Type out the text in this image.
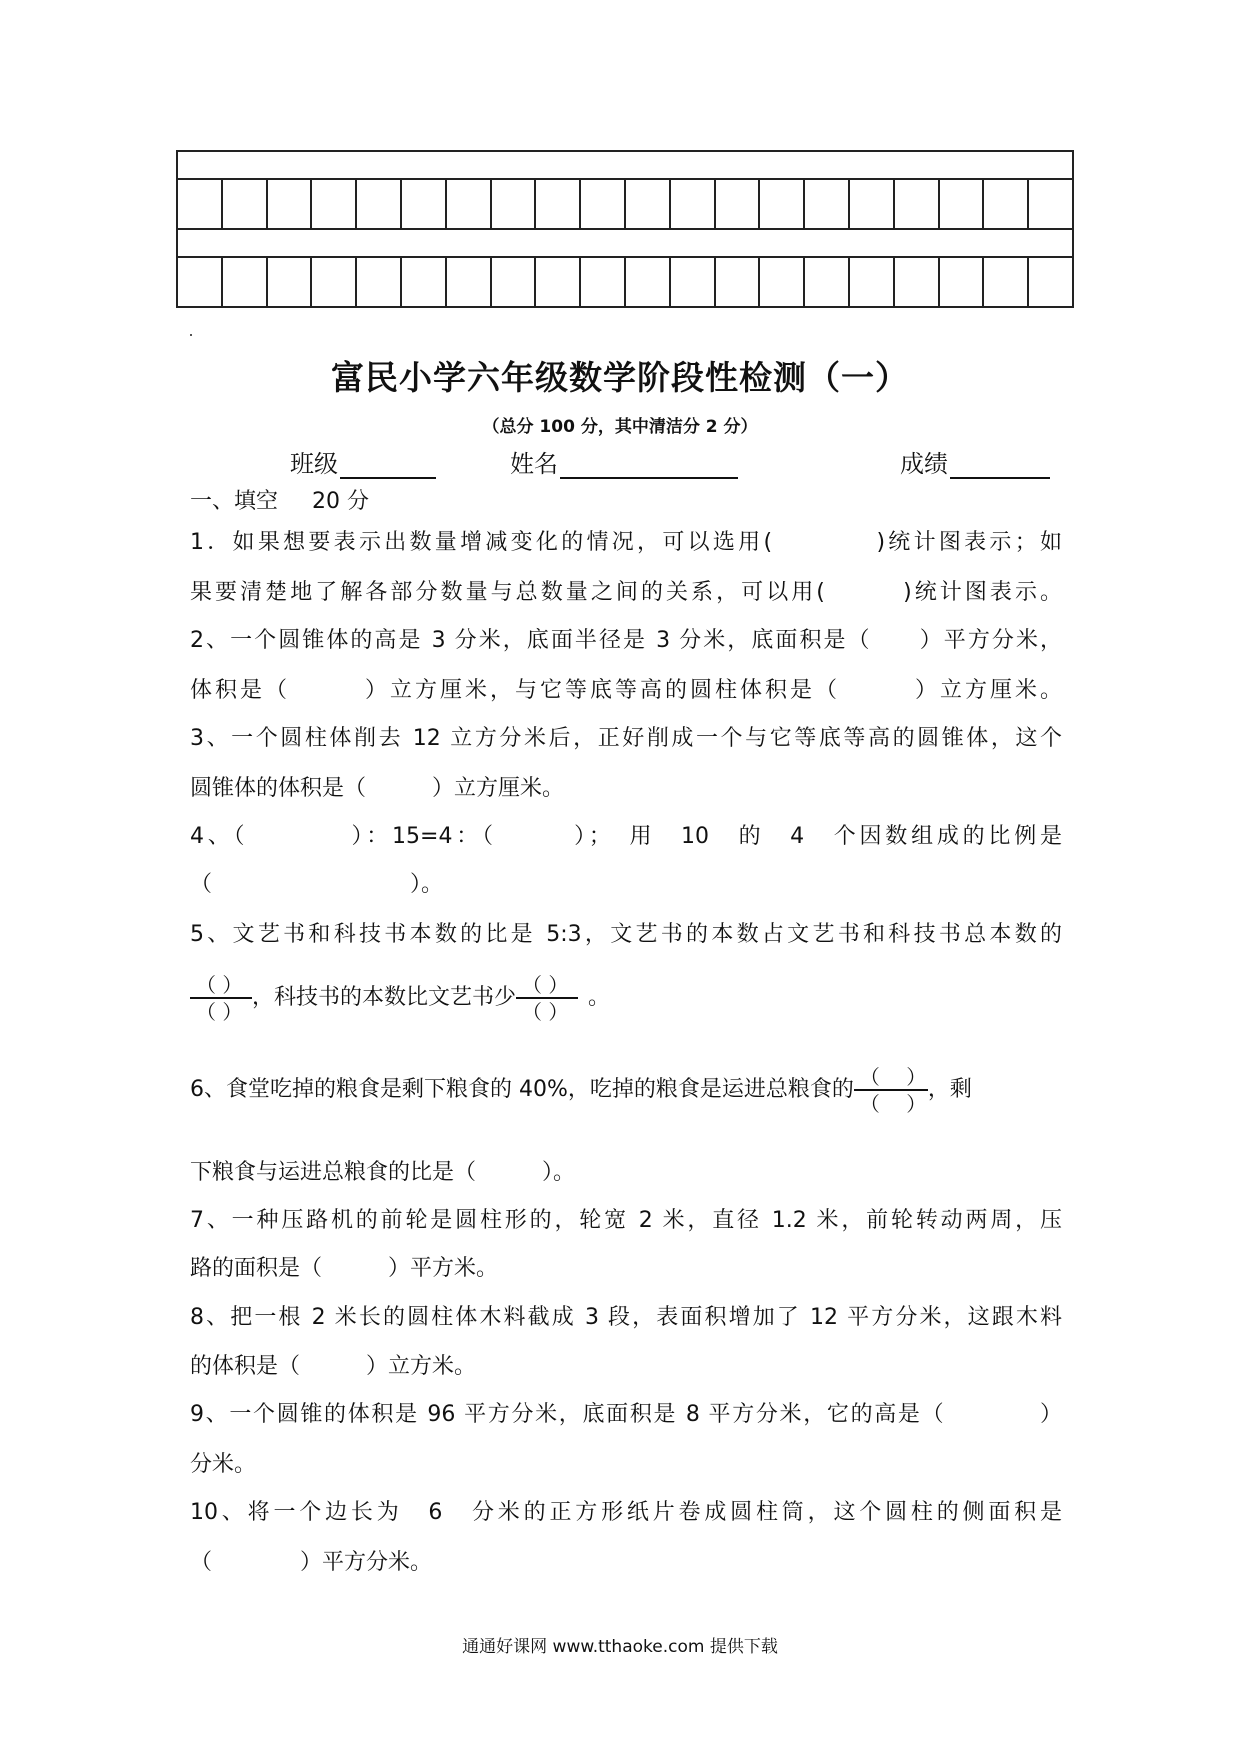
富民小学六年级数学阶段性检测（一）
（总分 100 分，其中清洁分 2 分）
班级	姓名	成绩
一、填空 20 分
1．如果想要表示出数量增减变化的情况，可以选用(　　　　)统计图表示；如
果要清楚地了解各部分数量与总数量之间的关系，可以用(　　　)统计图表示。
2、一个圆锥体的高是 3 分米，底面半径是 3 分米，底面积是（　　）平方分米，
体积是（　　　）立方厘米，与它等底等高的圆柱体积是（　　　）立方厘米。
3、一个圆柱体削去 12 立方分米后，正好削成一个与它等底等高的圆锥体，这个
圆锥体的体积是（　　　）立方厘米。
4、（　　　　）：15=4：（　　　）；　用　10　的　4　个因数组成的比例是
（　　　　　　　　　）。
5、文艺书和科技书本数的比是 5:3，文艺书的本数占文艺书和科技书总本数的
$\frac{( )}{( )}$ ，科技书的本数比文艺书少 $\frac{( )}{( )}$ 。
6、食堂吃掉的粮食是剩下粮食的 40%，吃掉的粮食是运进总粮食的 $\frac{( )}{( )}$ ，剩
下粮食与运进总粮食的比是（　　　）。
7、一种压路机的前轮是圆柱形的，轮宽 2 米，直径 1.2 米，前轮转动两周，压
路的面积是（　　　）平方米。
8、把一根 2 米长的圆柱体木料截成 3 段，表面积增加了 12 平方分米，这跟木料
的体积是（　　　）立方米。
9、一个圆锥的体积是 96 平方分米，底面积是 8 平方分米，它的高是（　　　　）
分米。
10、将一个边长为　6　分米的正方形纸片卷成圆柱筒，这个圆柱的侧面积是
（　　　　）平方分米。
通通好课网 www.tthaoke.com 提供下载
